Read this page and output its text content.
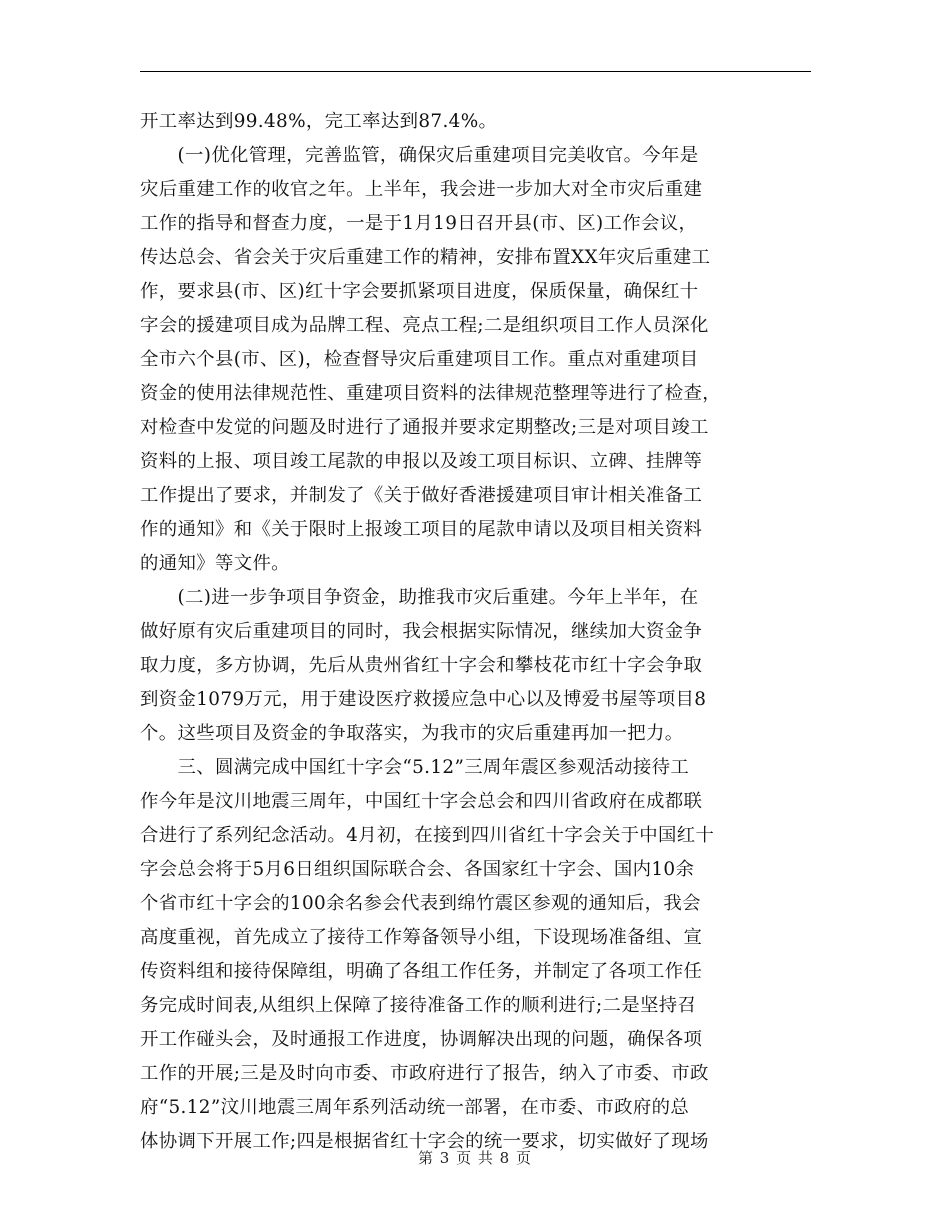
开工率达到99.48%，完工率达到87.4%。
　　(一)优化管理，完善监管，确保灾后重建项目完美收官。今年是
灾后重建工作的收官之年。上半年，我会进一步加大对全市灾后重建
工作的指导和督查力度，一是于1月19日召开县(市、区)工作会议，
传达总会、省会关于灾后重建工作的精神，安排布置XX年灾后重建工
作，要求县(市、区)红十字会要抓紧项目进度，保质保量，确保红十
字会的援建项目成为品牌工程、亮点工程;二是组织项目工作人员深化
全市六个县(市、区)，检查督导灾后重建项目工作。重点对重建项目
资金的使用法律规范性、重建项目资料的法律规范整理等进行了检查，
对检查中发觉的问题及时进行了通报并要求定期整改;三是对项目竣工
资料的上报、项目竣工尾款的申报以及竣工项目标识、立碑、挂牌等
工作提出了要求，并制发了《关于做好香港援建项目审计相关准备工
作的通知》和《关于限时上报竣工项目的尾款申请以及项目相关资料
的通知》等文件。
　　(二)进一步争项目争资金，助推我市灾后重建。今年上半年，在
做好原有灾后重建项目的同时，我会根据实际情况，继续加大资金争
取力度，多方协调，先后从贵州省红十字会和攀枝花市红十字会争取
到资金1079万元，用于建设医疗救援应急中心以及博爱书屋等项目8
个。这些项目及资金的争取落实，为我市的灾后重建再加一把力。
　　三、圆满完成中国红十字会“5.12”三周年震区参观活动接待工
作今年是汶川地震三周年，中国红十字会总会和四川省政府在成都联
合进行了系列纪念活动。4月初，在接到四川省红十字会关于中国红十
字会总会将于5月6日组织国际联合会、各国家红十字会、国内10余
个省市红十字会的100余名参会代表到绵竹震区参观的通知后，我会
高度重视，首先成立了接待工作筹备领导小组，下设现场准备组、宣
传资料组和接待保障组，明确了各组工作任务，并制定了各项工作任
务完成时间表,从组织上保障了接待准备工作的顺利进行;二是坚持召
开工作碰头会，及时通报工作进度，协调解决出现的问题，确保各项
工作的开展;三是及时向市委、市政府进行了报告，纳入了市委、市政
府“5.12”汶川地震三周年系列活动统一部署，在市委、市政府的总
体协调下开展工作;四是根据省红十字会的统一要求，切实做好了现场
第 3 页 共 8 页
